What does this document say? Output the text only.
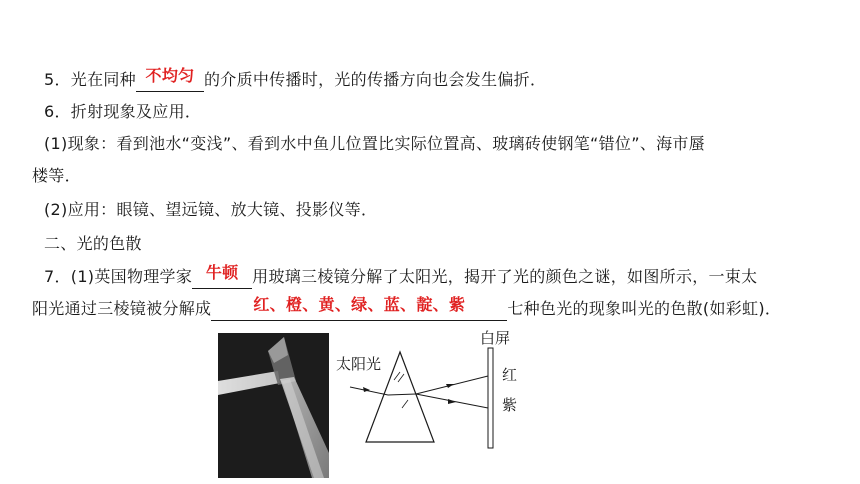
5．光在同种 不均匀 的介质中传播时，光的传播方向也会发生偏折．
6．折射现象及应用．
(1)现象：看到池水“变浅”、看到水中鱼儿位置比实际位置高、玻璃砖使钢笔“错位”、海市蜃
楼等．
(2)应用：眼镜、望远镜、放大镜、投影仪等．
二、光的色散
7．(1)英国物理学家 牛顿 用玻璃三棱镜分解了太阳光，揭开了光的颜色之谜，如图所示，一束太
阳光通过三棱镜被分解成	红、橙、黄、绿、蓝、靛、紫	七种色光的现象叫光的色散(如彩虹)．
太阳光
白屏
红
紫
